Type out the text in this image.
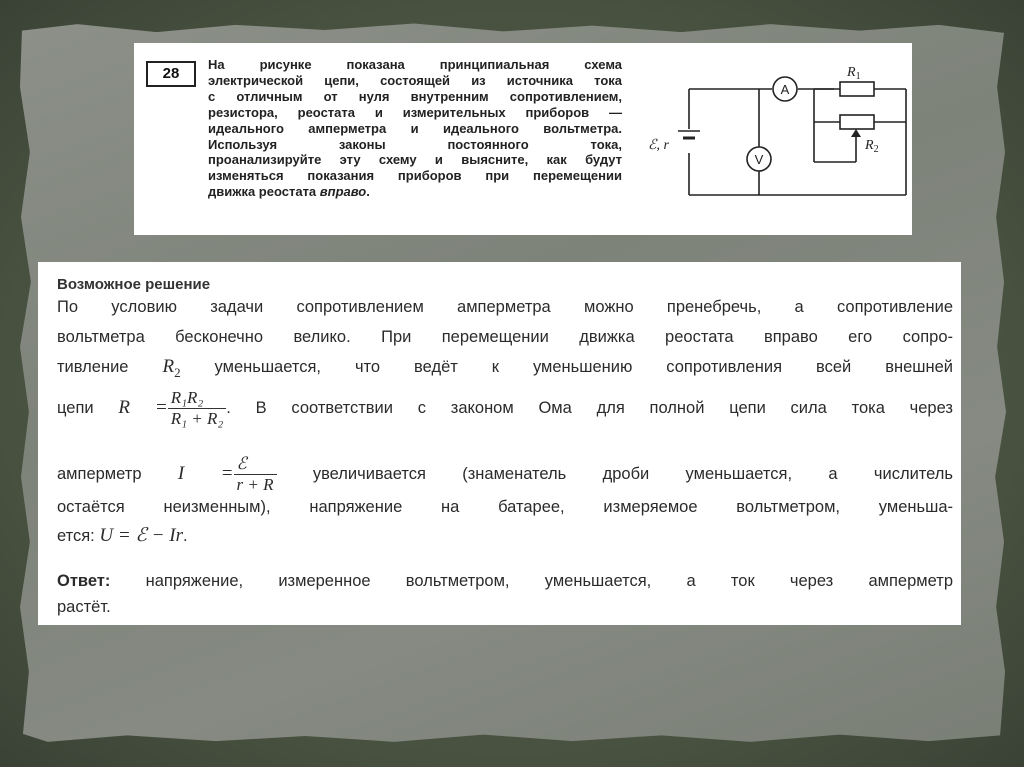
28
На рисунке показана принципиальная схема
электрической цепи, состоящей из источника тока
с отличным от нуля внутренним сопротивлением,
резистора, реостата и измерительных приборов —
идеального амперметра и идеального вольтметра.
Используя законы постоянного тока,
проанализируйте эту схему и выясните, как будут
изменяться показания приборов при перемещении
движка реостата вправо.
A
V
ℰ, r
$R_1$
$R_2$
Возможное решение
По условию задачи сопротивлением амперметра можно пренебречь, а сопротивление
вольтметра бесконечно велико. При перемещении движка реостата вправо его сопро-
тивление $R_2$ уменьшается, что ведёт к уменьшению сопротивления всей внешней
цепи $R = \frac{\text{R₁R₂}}{\text{R₁ + R₂}}$ . В соответствии с законом Ома для полной цепи сила тока через
амперметр $I = \frac{\text{ℰ}}{r + R}$ увеличивается (знаменатель дроби уменьшается, а числитель
остаётся неизменным), напряжение на батарее, измеряемое вольтметром, уменьша-
ется: U = ℰ − Ir.
Ответ: напряжение, измеренное вольтметром, уменьшается, а ток через амперметр
растёт.
